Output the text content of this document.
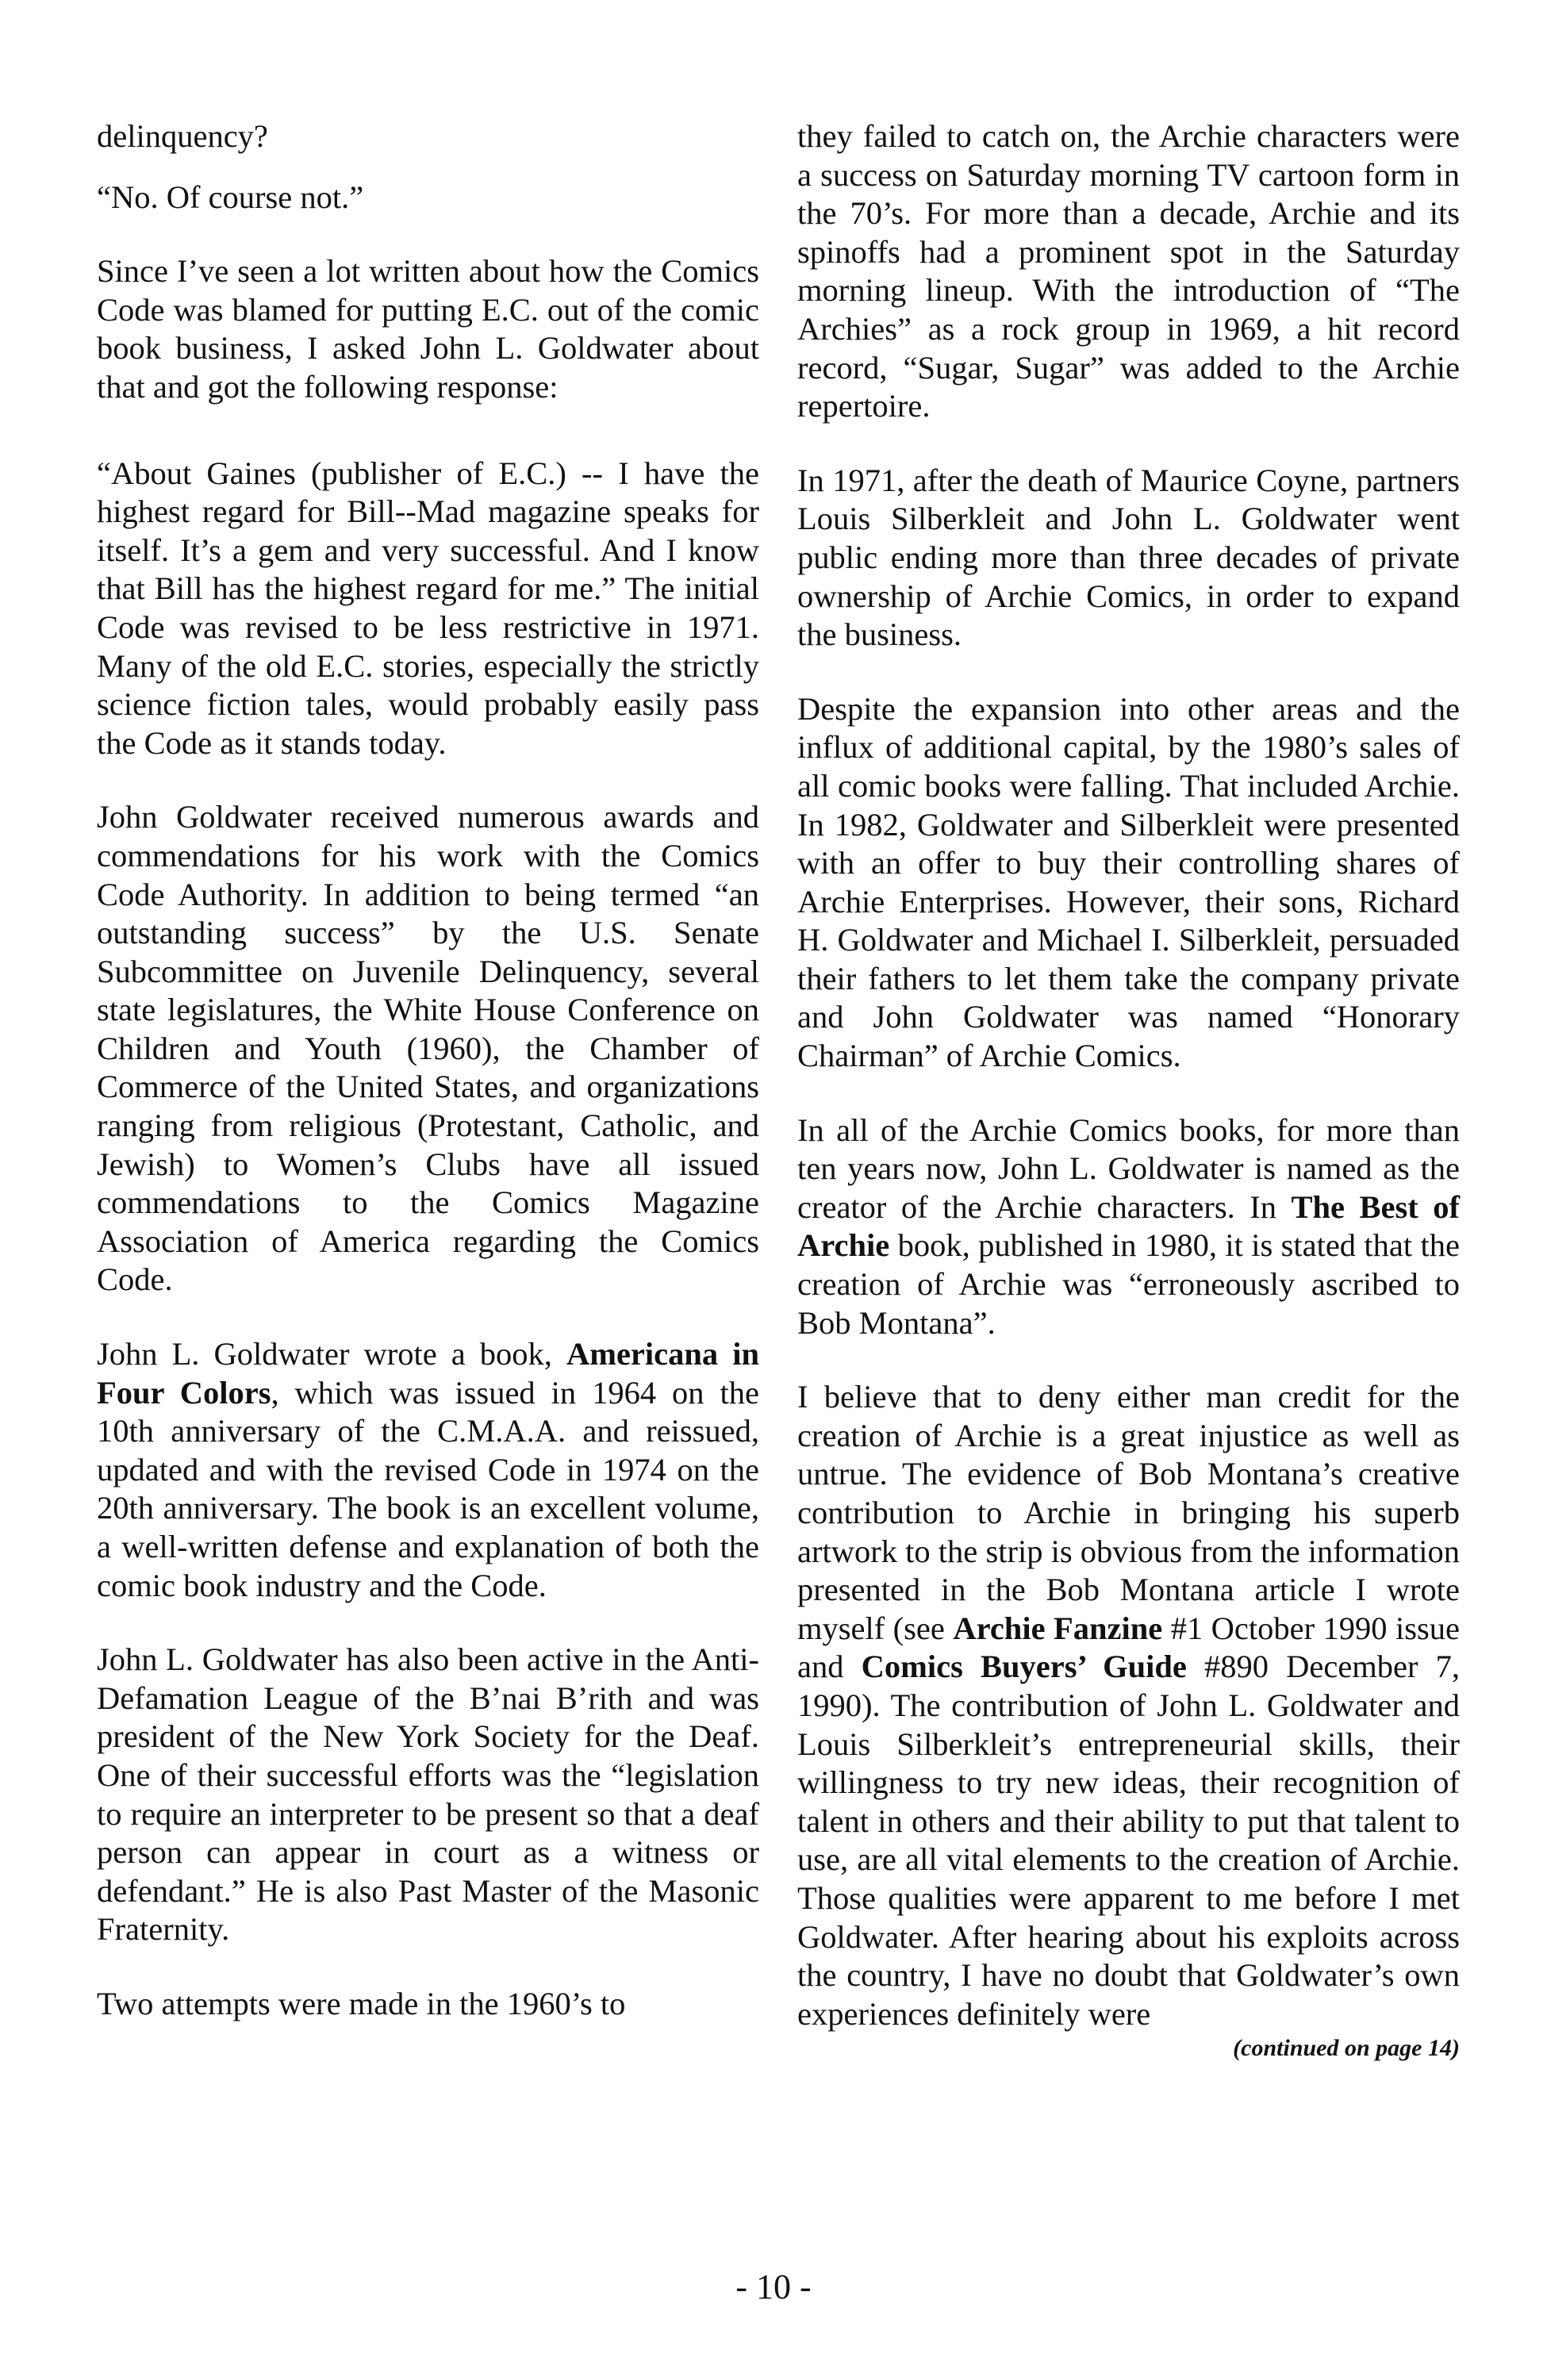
delinquency?

“No. Of course not.”

Since I’ve seen a lot written about how the Comics Code was blamed for putting E.C. out of the comic book business, I asked John L. Goldwater about that and got the following response:

“About Gaines (publisher of E.C.) -- I have the highest regard for Bill--Mad magazine speaks for itself. It’s a gem and very successful. And I know that Bill has the highest regard for me.” The initial Code was revised to be less restrictive in 1971. Many of the old E.C. stories, especially the strictly science fiction tales, would probably easily pass the Code as it stands today.

John Goldwater received numerous awards and commendations for his work with the Comics Code Authority. In addition to being termed “an outstanding success” by the U.S. Senate Subcommittee on Juvenile Delinquency, several state legislatures, the White House Conference on Children and Youth (1960), the Chamber of Commerce of the United States, and organizations ranging from religious (Protestant, Catholic, and Jewish) to Women’s Clubs have all issued commendations to the Comics Magazine Association of America regarding the Comics Code.

John L. Goldwater wrote a book, Americana in Four Colors, which was issued in 1964 on the 10th anniversary of the C.M.A.A. and reissued, updated and with the revised Code in 1974 on the 20th anniversary. The book is an excellent volume, a well-written defense and explanation of both the comic book industry and the Code.

John L. Goldwater has also been active in the Anti-Defamation League of the B’nai B’rith and was president of the New York Society for the Deaf. One of their successful efforts was the “legislation to require an interpreter to be present so that a deaf person can appear in court as a witness or defendant.” He is also Past Master of the Masonic Fraternity.

Two attempts were made in the 1960’s to

they failed to catch on, the Archie characters were a success on Saturday morning TV cartoon form in the 70’s. For more than a decade, Archie and its spinoffs had a prominent spot in the Saturday morning lineup. With the introduction of “The Archies” as a rock group in 1969, a hit record record, “Sugar, Sugar” was added to the Archie repertoire.

In 1971, after the death of Maurice Coyne, partners Louis Silberkleit and John L. Goldwater went public ending more than three decades of private ownership of Archie Comics, in order to expand the business.

Despite the expansion into other areas and the influx of additional capital, by the 1980’s sales of all comic books were falling. That included Archie. In 1982, Goldwater and Silberkleit were presented with an offer to buy their controlling shares of Archie Enterprises. However, their sons, Richard H. Goldwater and Michael I. Silberkleit, persuaded their fathers to let them take the company private and John Goldwater was named “Honorary Chairman” of Archie Comics.

In all of the Archie Comics books, for more than ten years now, John L. Goldwater is named as the creator of the Archie characters. In The Best of Archie book, published in 1980, it is stated that the creation of Archie was “erroneously ascribed to Bob Montana”.

I believe that to deny either man credit for the creation of Archie is a great injustice as well as untrue. The evidence of Bob Montana’s creative contribution to Archie in bringing his superb artwork to the strip is obvious from the information presented in the Bob Montana article I wrote myself (see Archie Fanzine #1 October 1990 issue and Comics Buyers’ Guide #890 December 7, 1990). The contribution of John L. Goldwater and Louis Silberkleit’s entrepreneurial skills, their willingness to try new ideas, their recognition of talent in others and their ability to put that talent to use, are all vital elements to the creation of Archie. Those qualities were apparent to me before I met Goldwater. After hearing about his exploits across the country, I have no doubt that Goldwater’s own experiences definitely were

(continued on page 14)
- 10 -
